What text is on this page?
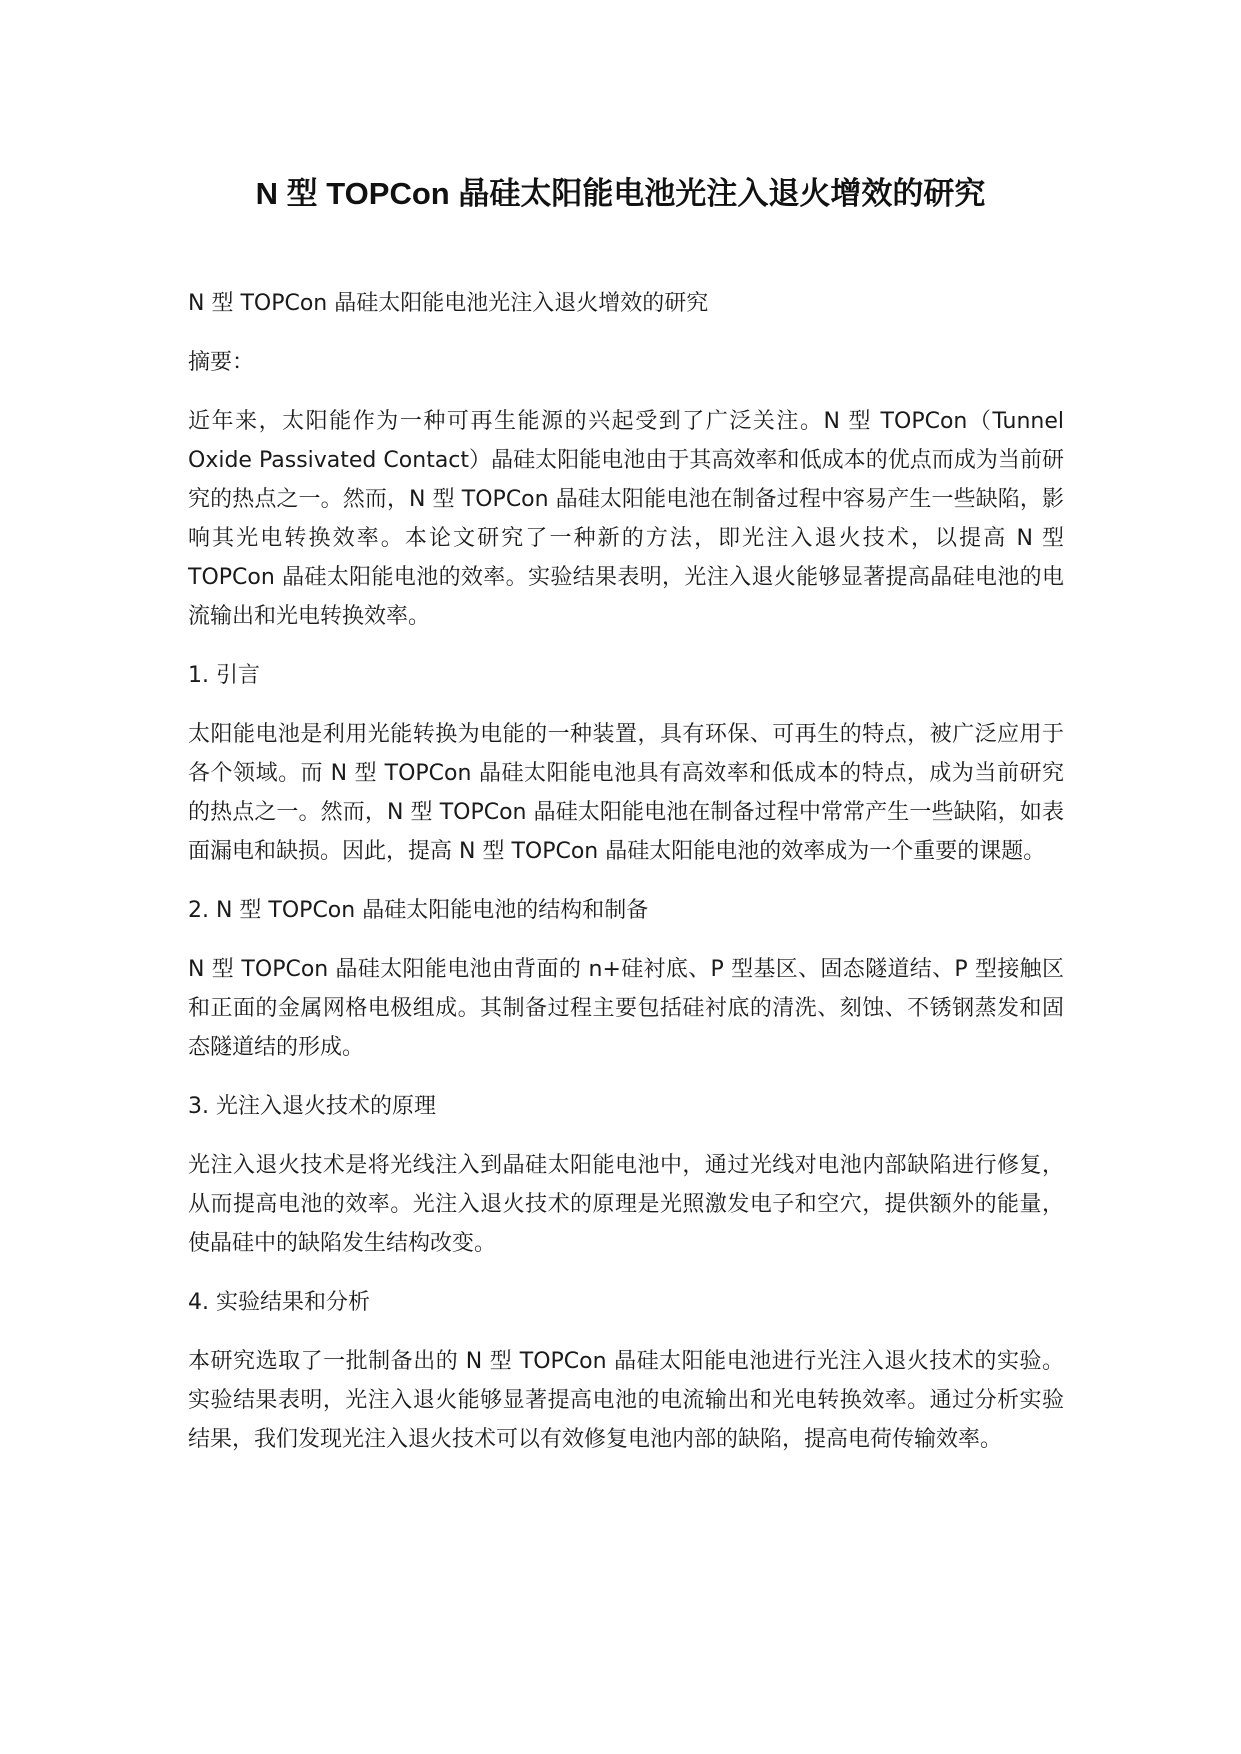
N 型 TOPCon 晶硅太阳能电池光注入退火增效的研究

N 型 TOPCon 晶硅太阳能电池光注入退火增效的研究

摘要：

近年来，太阳能作为一种可再生能源的兴起受到了广泛关注。N 型 TOPCon（Tunnel Oxide Passivated Contact）晶硅太阳能电池由于其高效率和低成本的优点而成为当前研究的热点之一。然而，N 型 TOPCon 晶硅太阳能电池在制备过程中容易产生一些缺陷，影响其光电转换效率。本论文研究了一种新的方法，即光注入退火技术，以提高 N 型 TOPCon 晶硅太阳能电池的效率。实验结果表明，光注入退火能够显著提高晶硅电池的电流输出和光电转换效率。

1. 引言

太阳能电池是利用光能转换为电能的一种装置，具有环保、可再生的特点，被广泛应用于各个领域。而 N 型 TOPCon 晶硅太阳能电池具有高效率和低成本的特点，成为当前研究的热点之一。然而，N 型 TOPCon 晶硅太阳能电池在制备过程中常常产生一些缺陷，如表面漏电和缺损。因此，提高 N 型 TOPCon 晶硅太阳能电池的效率成为一个重要的课题。

2. N 型 TOPCon 晶硅太阳能电池的结构和制备

N 型 TOPCon 晶硅太阳能电池由背面的 n+硅衬底、P 型基区、固态隧道结、P 型接触区和正面的金属网格电极组成。其制备过程主要包括硅衬底的清洗、刻蚀、不锈钢蒸发和固态隧道结的形成。

3. 光注入退火技术的原理

光注入退火技术是将光线注入到晶硅太阳能电池中，通过光线对电池内部缺陷进行修复，从而提高电池的效率。光注入退火技术的原理是光照激发电子和空穴，提供额外的能量，使晶硅中的缺陷发生结构改变。

4. 实验结果和分析

本研究选取了一批制备出的 N 型 TOPCon 晶硅太阳能电池进行光注入退火技术的实验。实验结果表明，光注入退火能够显著提高电池的电流输出和光电转换效率。通过分析实验结果，我们发现光注入退火技术可以有效修复电池内部的缺陷，提高电荷传输效率。
